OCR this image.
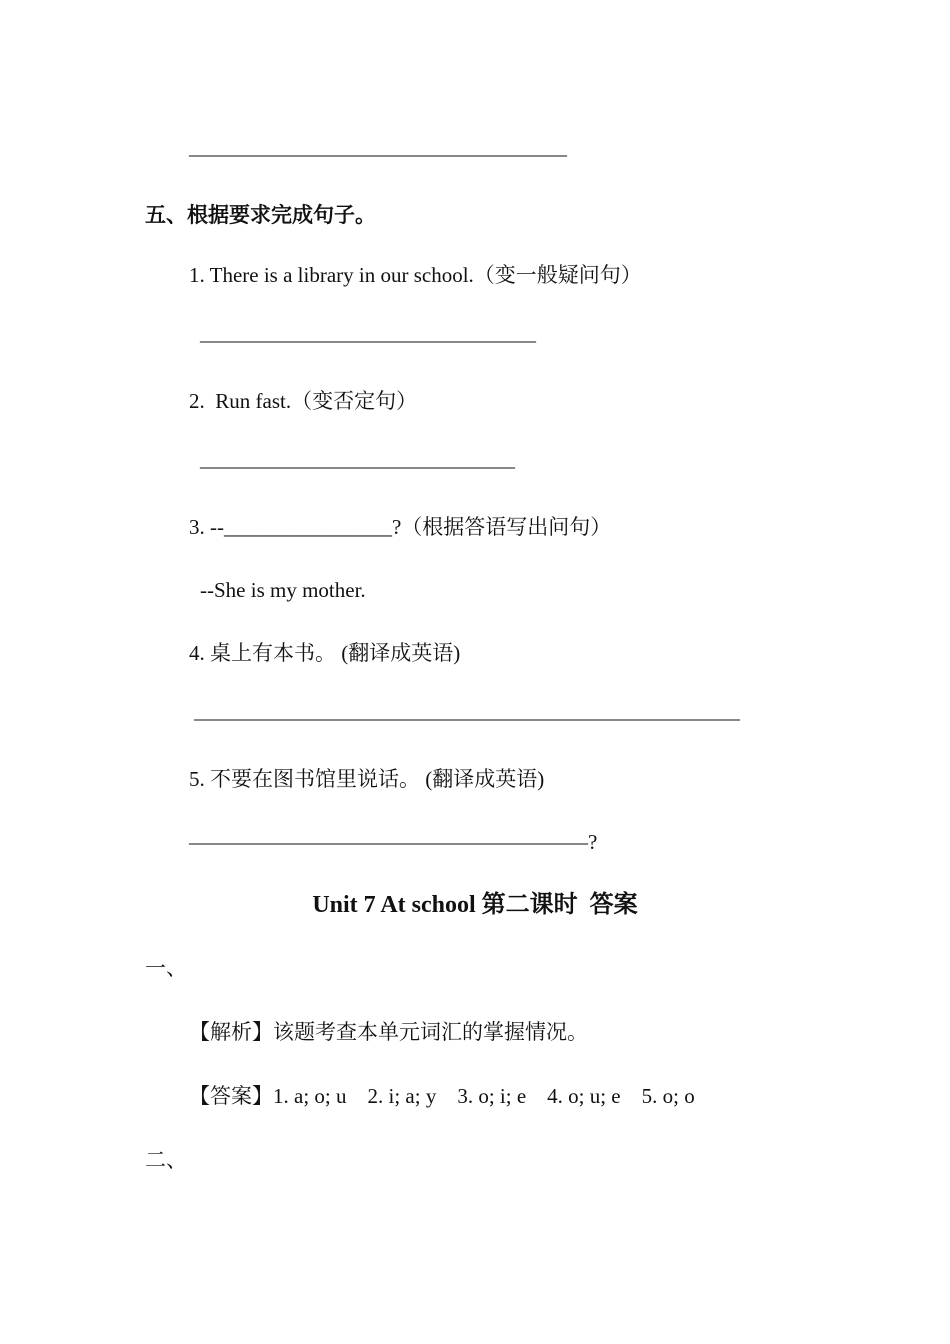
——————————————————
五、根据要求完成句子。
1. There is a library in our school.（变一般疑问句）
————————————————
2.  Run fast.（变否定句）
———————————————
3. --________________?（根据答语写出问句）
--She is my mother.
4. 桌上有本书。 (翻译成英语)
——————————————————————————
5. 不要在图书馆里说话。 (翻译成英语)
———————————————————?
Unit 7 At school 第二课时  答案
一、
【解析】该题考查本单元词汇的掌握情况。
【答案】1. a; o; u    2. i; a; y    3. o; i; e    4. o; u; e    5. o; o
二、
